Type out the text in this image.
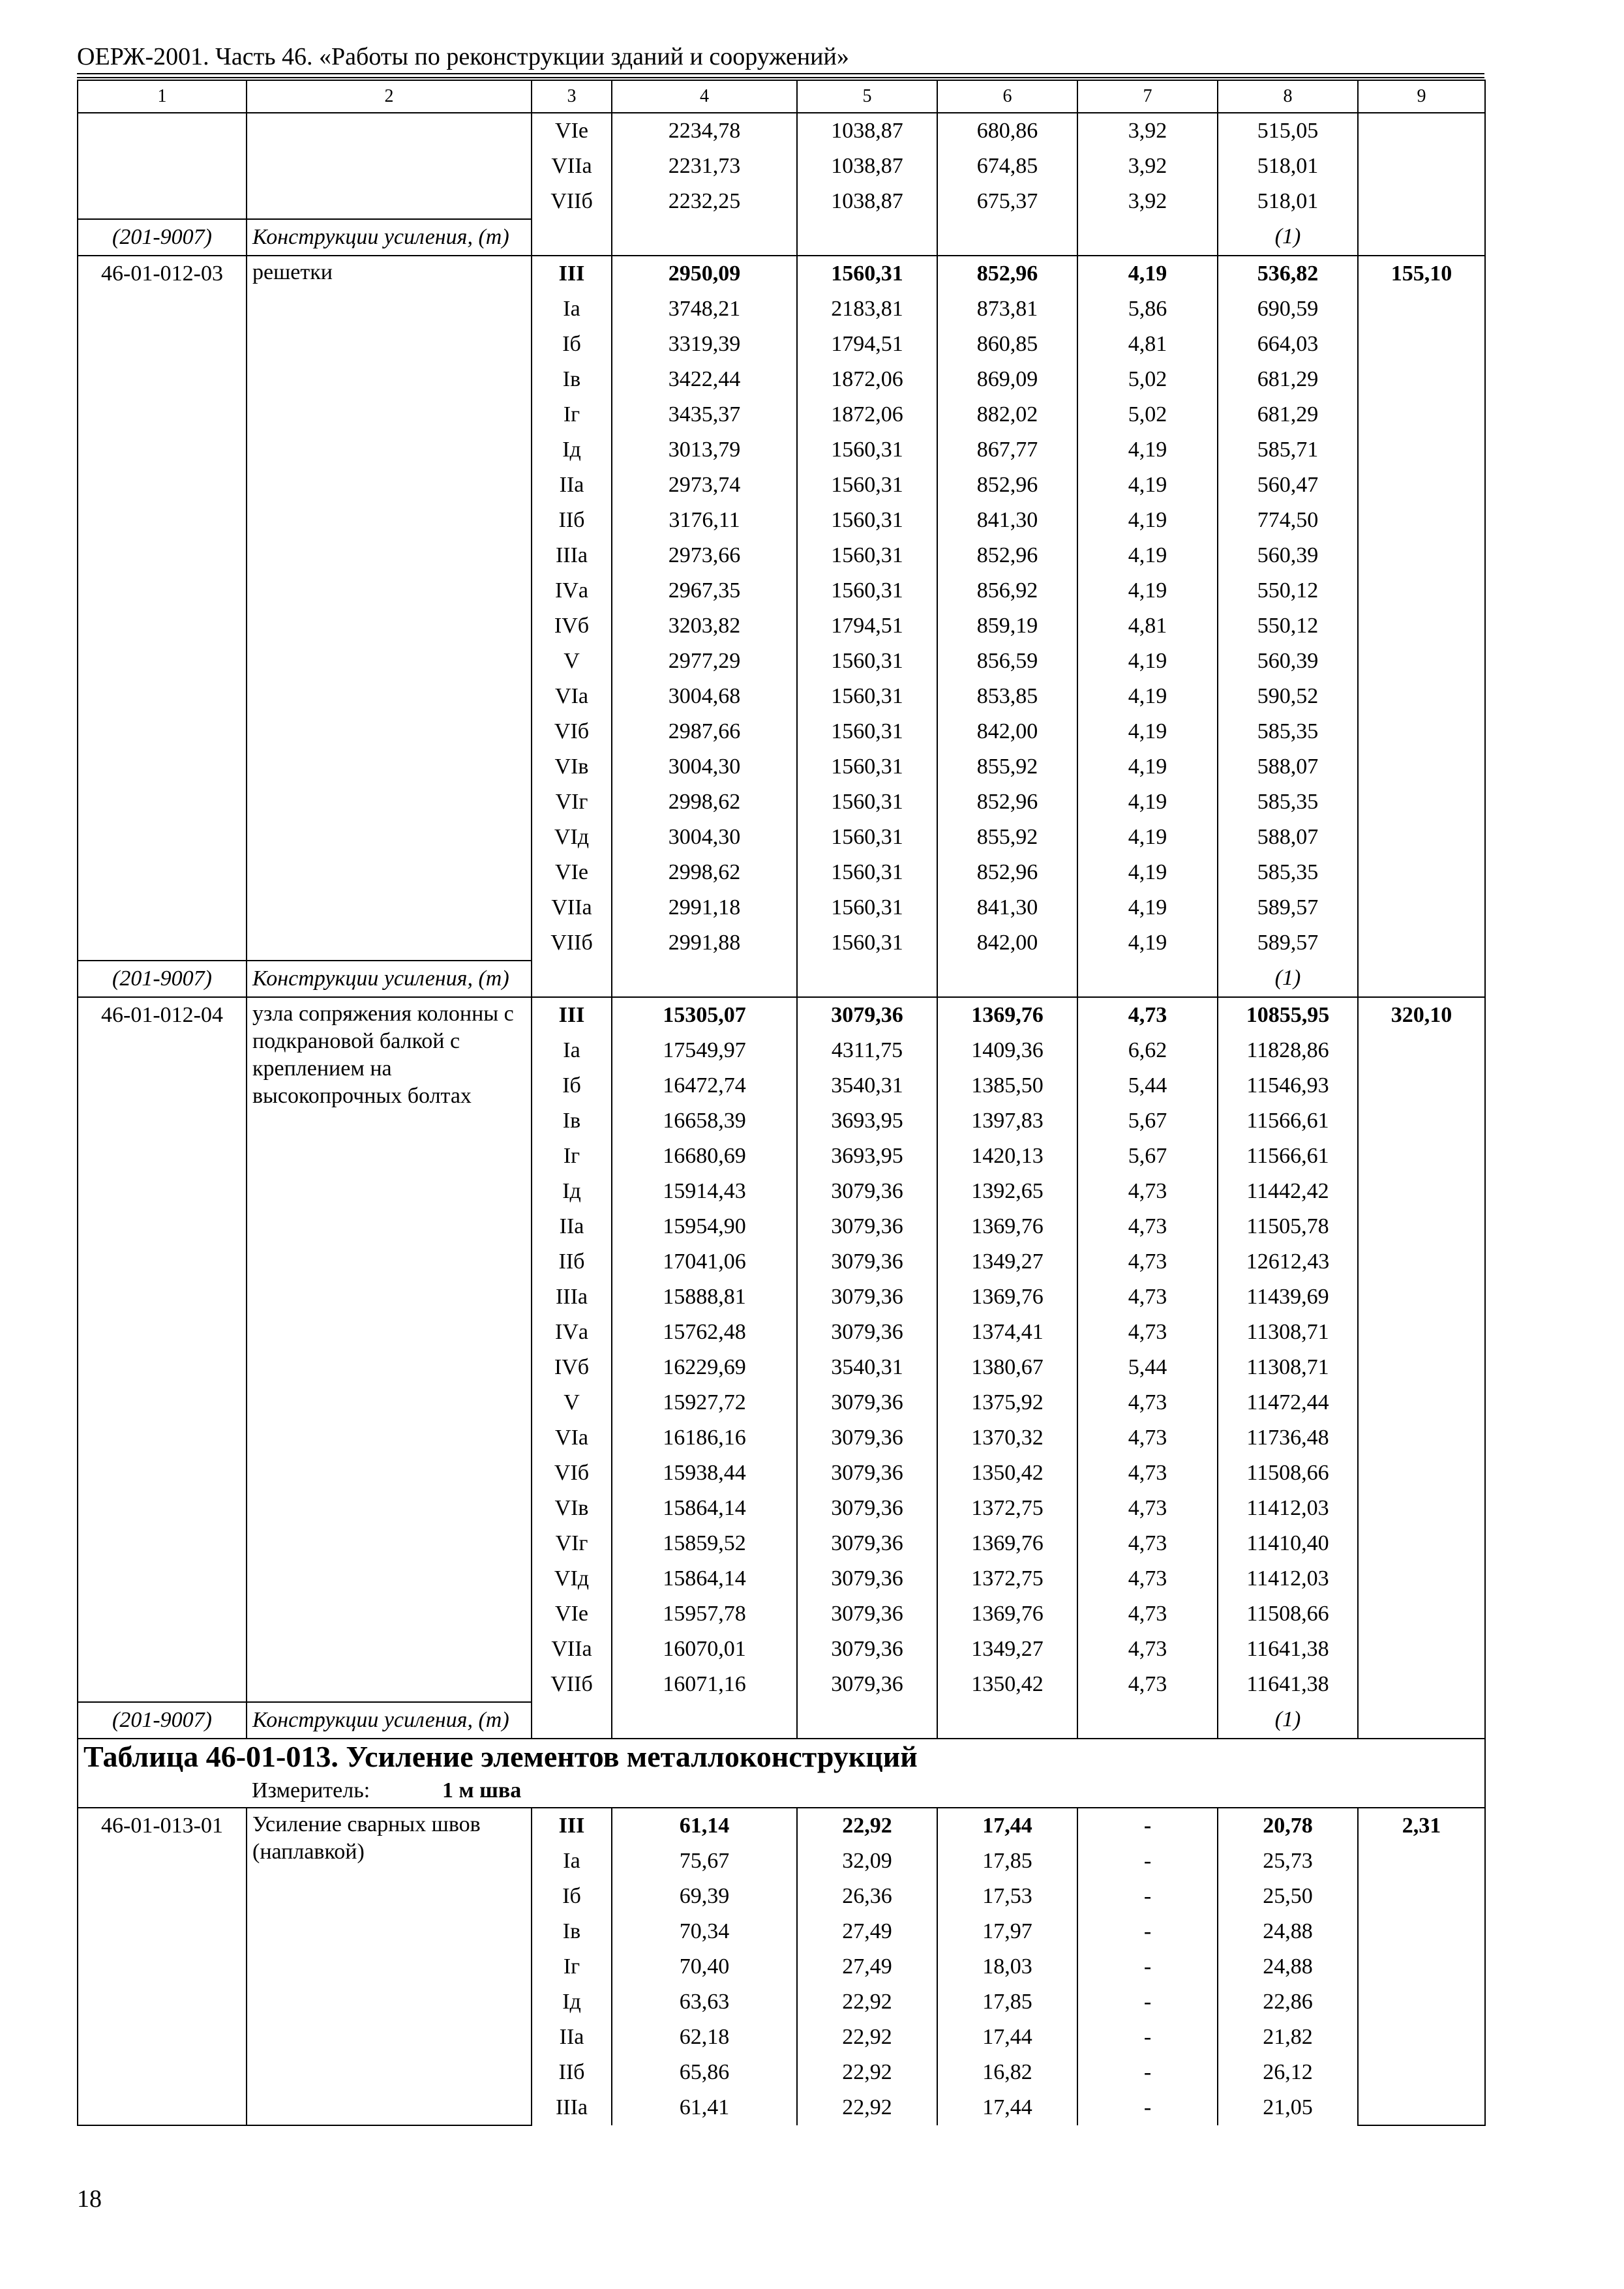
ОЕРЖ-2001. Часть 46. «Работы по реконструкции зданий и сооружений»
1	2	3	4	5	6	7	8	9
		VIе	2234,78	1038,87	680,86	3,92	515,05	
		VIIа	2231,73	1038,87	674,85	3,92	518,01	
		VIIб	2232,25	1038,87	675,37	3,92	518,01	
(201-9007)	Конструкции усиления, (т)						(1)	
46-01-012-03	решетки	III	2950,09	1560,31	852,96	4,19	536,82	155,10
		Iа	3748,21	2183,81	873,81	5,86	690,59	
		Iб	3319,39	1794,51	860,85	4,81	664,03	
		Iв	3422,44	1872,06	869,09	5,02	681,29	
		Iг	3435,37	1872,06	882,02	5,02	681,29	
		Iд	3013,79	1560,31	867,77	4,19	585,71	
		IIа	2973,74	1560,31	852,96	4,19	560,47	
		IIб	3176,11	1560,31	841,30	4,19	774,50	
		IIIа	2973,66	1560,31	852,96	4,19	560,39	
		IVа	2967,35	1560,31	856,92	4,19	550,12	
		IVб	3203,82	1794,51	859,19	4,81	550,12	
		V	2977,29	1560,31	856,59	4,19	560,39	
		VIа	3004,68	1560,31	853,85	4,19	590,52	
		VIб	2987,66	1560,31	842,00	4,19	585,35	
		VIв	3004,30	1560,31	855,92	4,19	588,07	
		VIг	2998,62	1560,31	852,96	4,19	585,35	
		VIд	3004,30	1560,31	855,92	4,19	588,07	
		VIе	2998,62	1560,31	852,96	4,19	585,35	
		VIIа	2991,18	1560,31	841,30	4,19	589,57	
		VIIб	2991,88	1560,31	842,00	4,19	589,57	
(201-9007)	Конструкции усиления, (т)						(1)	
46-01-012-04	узла сопряжения колонны с подкрановой балкой с креплением на высокопрочных болтах	III	15305,07	3079,36	1369,76	4,73	10855,95	320,10
		Iа	17549,97	4311,75	1409,36	6,62	11828,86	
		Iб	16472,74	3540,31	1385,50	5,44	11546,93	
		Iв	16658,39	3693,95	1397,83	5,67	11566,61	
		Iг	16680,69	3693,95	1420,13	5,67	11566,61	
		Iд	15914,43	3079,36	1392,65	4,73	11442,42	
		IIа	15954,90	3079,36	1369,76	4,73	11505,78	
		IIб	17041,06	3079,36	1349,27	4,73	12612,43	
		IIIа	15888,81	3079,36	1369,76	4,73	11439,69	
		IVа	15762,48	3079,36	1374,41	4,73	11308,71	
		IVб	16229,69	3540,31	1380,67	5,44	11308,71	
		V	15927,72	3079,36	1375,92	4,73	11472,44	
		VIа	16186,16	3079,36	1370,32	4,73	11736,48	
		VIб	15938,44	3079,36	1350,42	4,73	11508,66	
		VIв	15864,14	3079,36	1372,75	4,73	11412,03	
		VIг	15859,52	3079,36	1369,76	4,73	11410,40	
		VIд	15864,14	3079,36	1372,75	4,73	11412,03	
		VIе	15957,78	3079,36	1369,76	4,73	11508,66	
		VIIа	16070,01	3079,36	1349,27	4,73	11641,38	
		VIIб	16071,16	3079,36	1350,42	4,73	11641,38	
(201-9007)	Конструкции усиления, (т)						(1)	
Таблица 46-01-013. Усиление элементов металлоконструкций								

Измеритель: 1 м шва								

46-01-013-01	Усиление сварных швов (наплавкой)	III	61,14	22,92	17,44	-	20,78	2,31
		Iа	75,67	32,09	17,85	-	25,73	
		Iб	69,39	26,36	17,53	-	25,50	
		Iв	70,34	27,49	17,97	-	24,88	
		Iг	70,40	27,49	18,03	-	24,88	
		Iд	63,63	22,92	17,85	-	22,86	
		IIа	62,18	22,92	17,44	-	21,82	
		IIб	65,86	22,92	16,82	-	26,12	
		IIIа	61,41	22,92	17,44	-	21,05	
18
